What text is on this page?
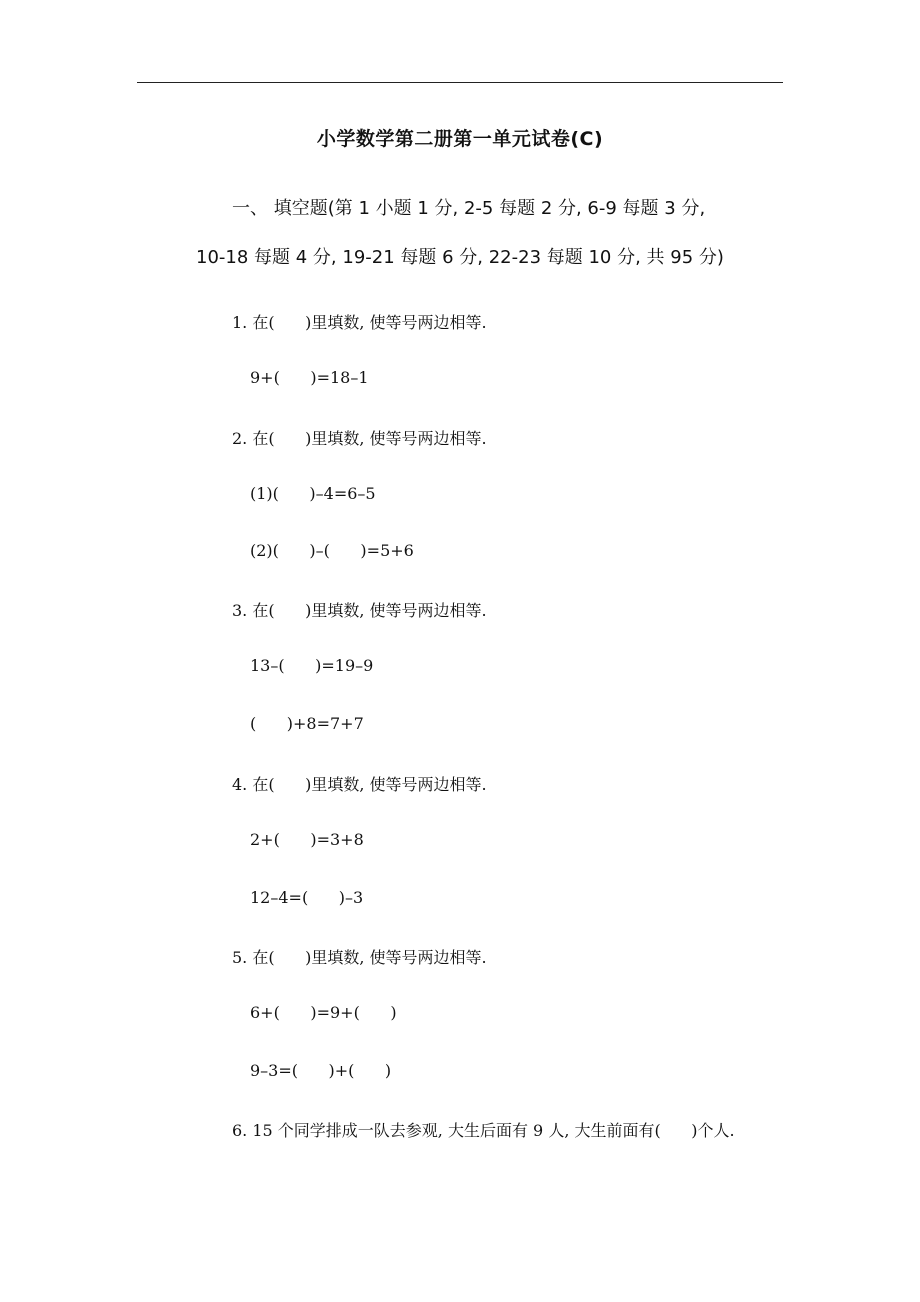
小学数学第二册第一单元试卷(C)
一、 填空题(第 1 小题 1 分, 2-5 每题 2 分, 6-9 每题 3 分,
10-18 每题 4 分, 19-21 每题 6 分, 22-23 每题 10 分, 共 95 分)
1. 在(      )里填数, 使等号两边相等.
9+(      )=18–1
2. 在(      )里填数, 使等号两边相等.
(1)(      )–4=6–5
(2)(      )–(      )=5+6
3. 在(      )里填数, 使等号两边相等.
13–(      )=19–9
(      )+8=7+7
4. 在(      )里填数, 使等号两边相等.
2+(      )=3+8
12–4=(      )–3
5. 在(      )里填数, 使等号两边相等.
6+(      )=9+(      )
9–3=(      )+(      )
6. 15 个同学排成一队去参观, 大生后面有 9 人, 大生前面有(      )个人.
